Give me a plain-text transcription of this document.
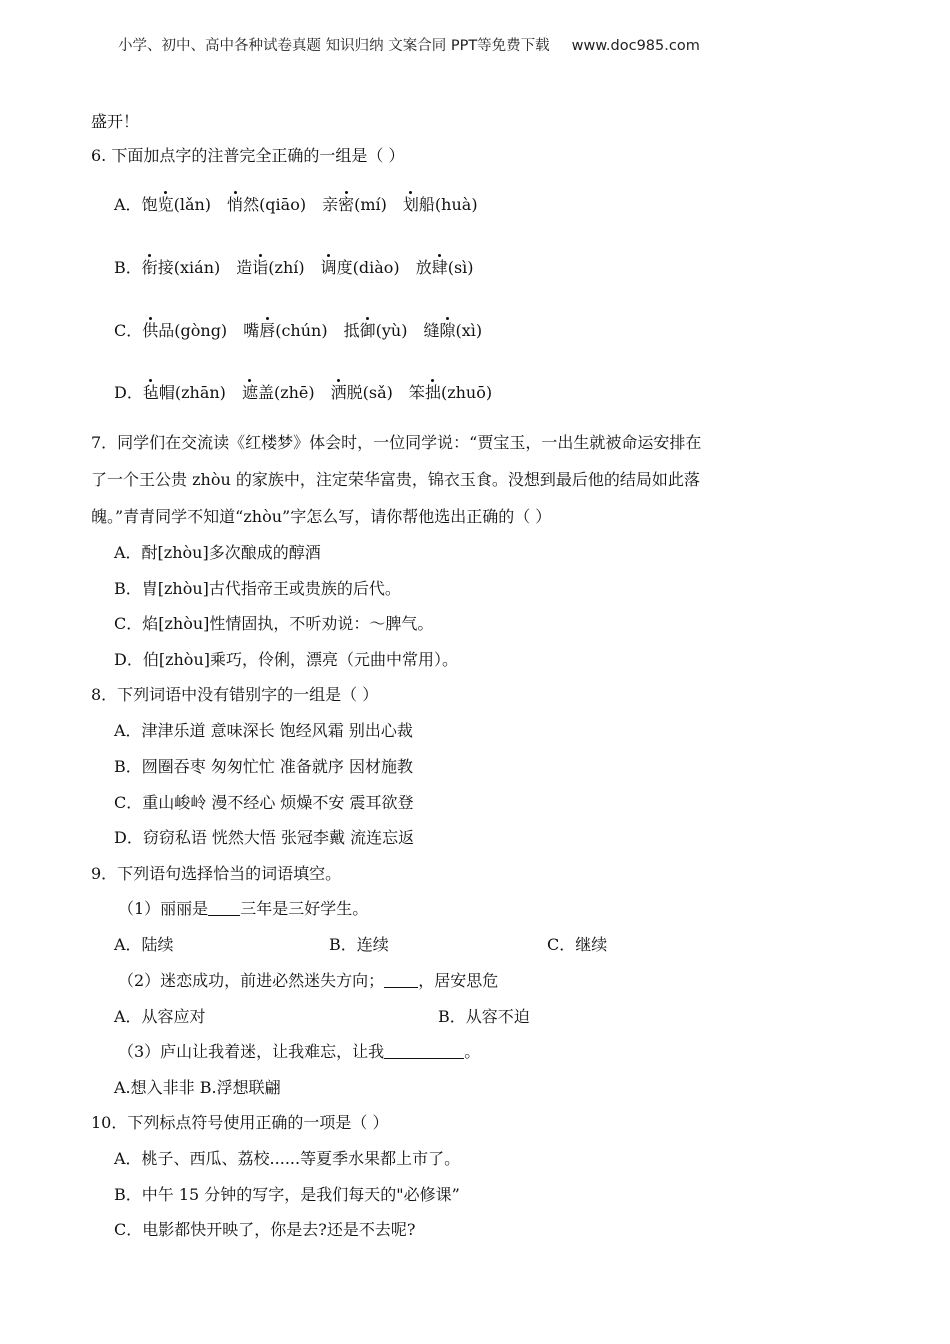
小学、初中、高中各种试卷真题 知识归纳 文案合同 PPT等免费下载 www.doc985.com
盛开！
6. 下面加点字的注普完全正确的一组是（ ）
A．饱览(lǎn) 悄然(qiāo) 亲密(mí) 划船(huà)
B．衔接(xián) 造诣(zhí) 调度(diào) 放肆(sì)
C．供品(gòng) 嘴唇(chún) 抵御(yù) 缝隙(xì)
D．毡帽(zhān) 遮盖(zhē) 洒脱(sǎ) 笨拙(zhuō)
7．同学们在交流读《红楼梦》体会时，一位同学说：“贾宝玉，一出生就被命运安排在
了一个王公贵 zhòu 的家族中，注定荣华富贵，锦衣玉食。没想到最后他的结局如此落
魄。”青青同学不知道“zhòu”字怎么写，请你帮他选出正确的（ ）
A．酎[zhòu]多次酿成的醇酒
B．胄[zhòu]古代指帝王或贵族的后代。
C．焰[zhòu]性情固执，不听劝说：～脾气。
D．伯[zhòu]乘巧，伶俐，漂亮（元曲中常用）。
8．下列词语中没有错别字的一组是（ ）
A．津津乐道 意味深长 饱经风霜 别出心裁
B．囫圈吞枣 匆匆忙忙 准备就序 因材施教
C．重山峻岭 漫不经心 烦燥不安 震耳欲登
D．窃窃私语 恍然大悟 张冠李戴 流连忘返
9．下列语句选择恰当的词语填空。
（1）丽丽是 三年是三好学生。
A．陆续	B．连续	C．继续
（2）迷恋成功，前进必然迷失方向； ，居安思危
A．从容应对	B．从容不迫
（3）庐山让我着迷，让我难忘，让我	。
A.想入非非 B.浮想联翩
10．下列标点符号使用正确的一项是（ ）
A．桃子、西瓜、荔校......等夏季水果都上市了。
B．中午 15 分钟的写字，是我们每天的"必修课”
C．电影都快开映了，你是去?还是不去呢?
